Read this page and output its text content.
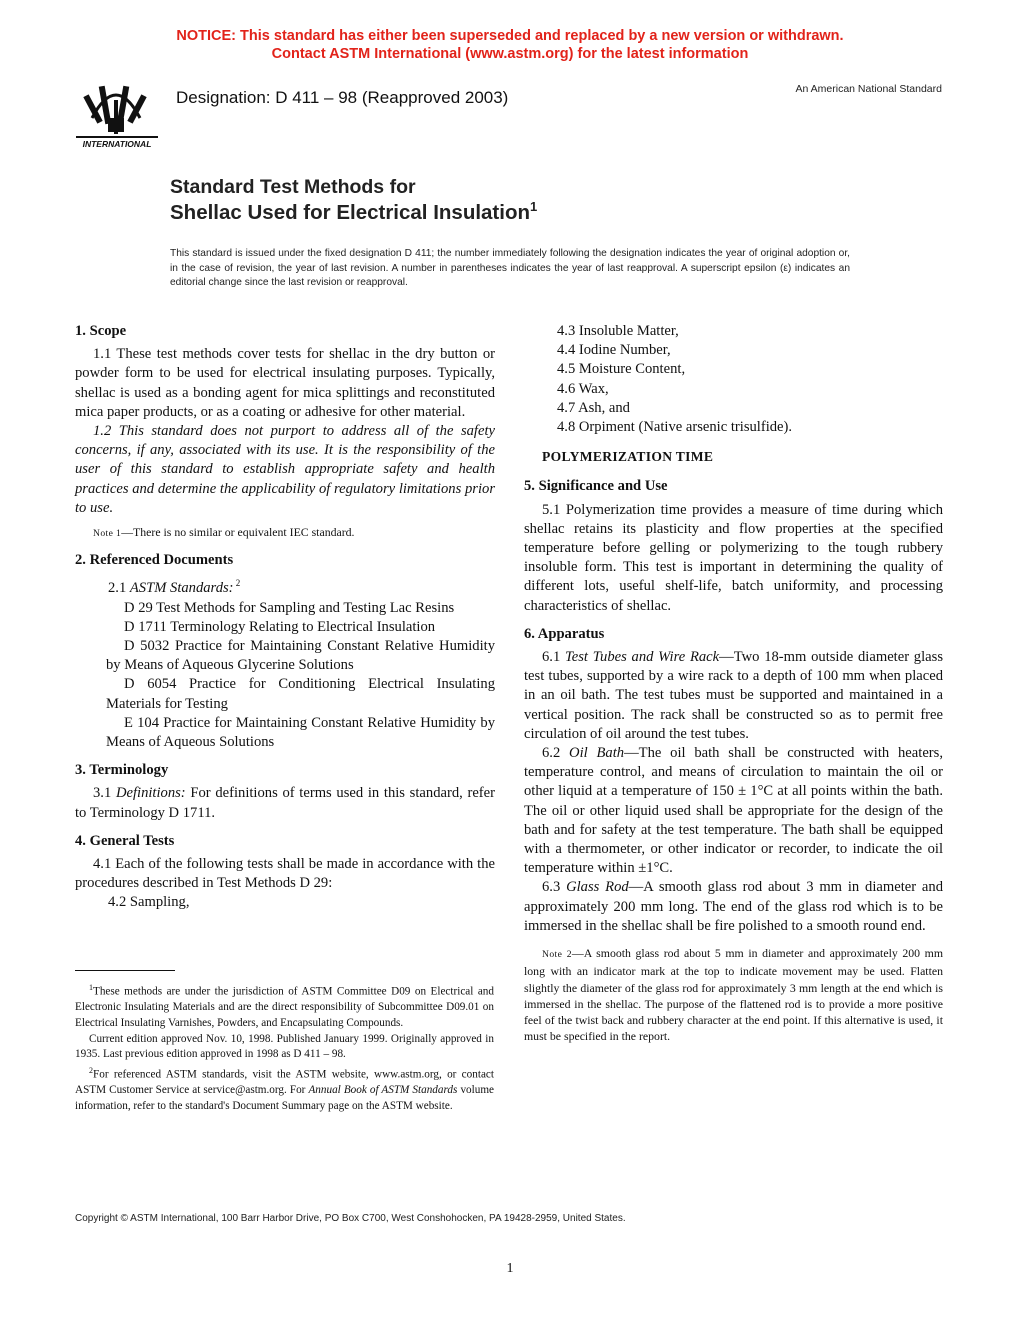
NOTICE: This standard has either been superseded and replaced by a new version or withdrawn.
Contact ASTM International (www.astm.org) for the latest information
INTERNATIONAL
Designation: D 411 – 98 (Reapproved 2003)	An American National Standard
Standard Test Methods for
Shellac Used for Electrical Insulation$^1$
This standard is issued under the fixed designation D 411; the number immediately following the designation indicates the year of original adoption or, in the case of revision, the year of last revision. A number in parentheses indicates the year of last reapproval. A superscript epsilon (ε) indicates an editorial change since the last revision or reapproval.
1. Scope

1.1 These test methods cover tests for shellac in the dry button or powder form to be used for electrical insulating purposes. Typically, shellac is used as a bonding agent for mica splittings and reconstituted mica paper products, or as a coating or adhesive for other material.

1.2 This standard does not purport to address all of the safety concerns, if any, associated with its use. It is the responsibility of the user of this standard to establish appropriate safety and health practices and determine the applicability of regulatory limitations prior to use.

Note 1—There is no similar or equivalent IEC standard.

2. Referenced Documents

2.1 ASTM Standards: $^2$

D 29 Test Methods for Sampling and Testing Lac Resins

D 1711 Terminology Relating to Electrical Insulation

D 5032 Practice for Maintaining Constant Relative Humidity by Means of Aqueous Glycerine Solutions

D 6054 Practice for Conditioning Electrical Insulating Materials for Testing

E 104 Practice for Maintaining Constant Relative Humidity by Means of Aqueous Solutions

3. Terminology

3.1 Definitions: For definitions of terms used in this standard, refer to Terminology D 1711.

4. General Tests

4.1 Each of the following tests shall be made in accordance with the procedures described in Test Methods D 29:

4.2 Sampling,

$^1$These methods are under the jurisdiction of ASTM Committee D09 on Electrical and Electronic Insulating Materials and are the direct responsibility of Subcommittee D09.01 on Electrical Insulating Varnishes, Powders, and Encapsulating Compounds.

Current edition approved Nov. 10, 1998. Published January 1999. Originally approved in 1935. Last previous edition approved in 1998 as D 411 – 98.

$^2$For referenced ASTM standards, visit the ASTM website, www.astm.org, or contact ASTM Customer Service at service@astm.org. For Annual Book of ASTM Standards volume information, refer to the standard's Document Summary page on the ASTM website.

4.3 Insoluble Matter,

4.4 Iodine Number,

4.5 Moisture Content,

4.6 Wax,

4.7 Ash, and

4.8 Orpiment (Native arsenic trisulfide).

POLYMERIZATION TIME

5. Significance and Use

5.1 Polymerization time provides a measure of time during which shellac retains its plasticity and flow properties at the specified temperature before gelling or polymerizing to the tough rubbery insoluble form. This test is important in determining the quality of different lots, useful shelf-life, batch uniformity, and processing characteristics of shellac.

6. Apparatus

6.1 Test Tubes and Wire Rack—Two 18-mm outside diameter glass test tubes, supported by a wire rack to a depth of 100 mm when placed in an oil bath. The test tubes must be supported and maintained in a vertical position. The rack shall be constructed so as to permit free circulation of oil around the test tubes.

6.2 Oil Bath—The oil bath shall be constructed with heaters, temperature control, and means of circulation to maintain the oil or other liquid at a temperature of 150 ± 1°C at all points within the bath. The oil or other liquid used shall be appropriate for the design of the bath and for safety at the test temperature. The bath shall be equipped with a thermometer, or other indicator or recorder, to indicate the oil temperature within ±1°C.

6.3 Glass Rod—A smooth glass rod about 3 mm in diameter and approximately 200 mm long. The end of the glass rod which is to be immersed in the shellac shall be fire polished to a smooth round end.

Note 2—A smooth glass rod about 5 mm in diameter and approximately 200 mm long with an indicator mark at the top to indicate movement may be used. Flatten slightly the diameter of the glass rod for approximately 3 mm length at the end which is immersed in the shellac. The purpose of the flattened rod is to provide a more positive feel of the twist back and rubbery character at the end point. If this alternative is used, it must be specified in the report.

Copyright © ASTM International, 100 Barr Harbor Drive, PO Box C700, West Conshohocken, PA 19428-2959, United States.
1
